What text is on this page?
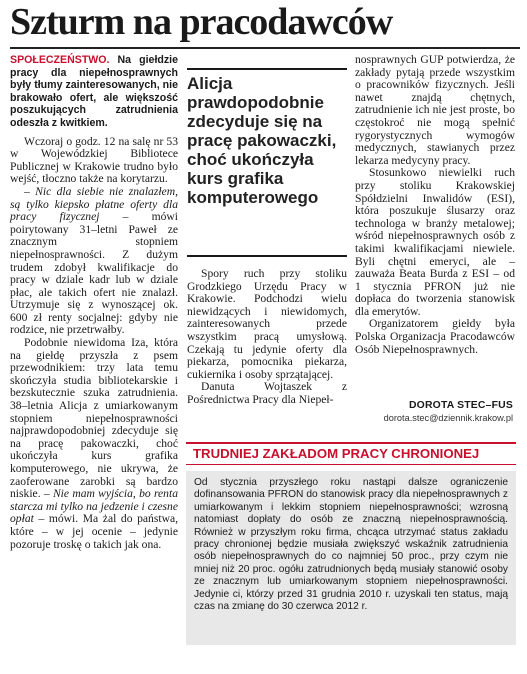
Szturm na pracodawców

SPOŁECZEŃSTWO. Na giełdzie pracy dla niepełnosprawnych były tłumy zainteresowanych, nie brakowało ofert, ale większość poszukujących zatrudnienia odeszła z kwitkiem.

Wczoraj o godz. 12 na salę nr 53 w Wojewódzkiej Bibliotece Publicznej w Krakowie trudno było wejść, tłoczno także na korytarzu.

– Nic dla siebie nie znalazłem, są tylko kiepsko płatne oferty dla pracy fizycznej – mówi poirytowany 31–letni Paweł ze znacznym stopniem niepełnosprawności. Z dużym trudem zdobył kwalifikacje do pracy w dziale kadr lub w dziale płac, ale takich ofert nie znalazł. Utrzymuje się z wynoszącej ok. 600 zł renty socjalnej: gdyby nie rodzice, nie przetrwałby.

Podobnie niewidoma Iza, która na giełdę przyszła z psem przewodnikiem: trzy lata temu skończyła studia bibliotekarskie i bezskutecznie szuka zatrudnienia. 38–letnia Alicja z umiarkowanym stopniem niepełnosprawności najprawdopodobniej zdecyduje się na pracę pakowaczki, choć ukończyła kurs grafika komputerowego, nie ukrywa, że zaoferowane zarobki są bardzo niskie. – Nie mam wyjścia, bo renta starcza mi tylko na jedzenie i czesne opłat – mówi. Ma żal do państwa, które – w jej ocenie – jedynie pozoruje troskę o takich jak ona.

Alicja prawdopodobnie zdecyduje się na pracę pakowaczki, choć ukończyła kurs grafika komputerowego

Spory ruch przy stoliku Grodzkiego Urzędu Pracy w Krakowie. Podchodzi wielu niewidzących i niewidomych, zainteresowanych przede wszystkim pracą umysłową. Czekają tu jedynie oferty dla piekarza, pomocnika piekarza, cukiernika i osoby sprzątającej.

Danuta Wojtaszek z Pośrednictwa Pracy dla Niepeł-

nosprawnych GUP potwierdza, że zakłady pytają przede wszystkim o pracowników fizycznych. Jeśli nawet znajdą chętnych, zatrudnienie ich nie jest proste, bo częstokroć nie mogą spełnić rygorystycznych wymogów medycznych, stawianych przez lekarza medycyny pracy.

Stosunkowo niewielki ruch przy stoliku Krakowskiej Spółdzielni Inwalidów (ESI), która poszukuje ślusarzy oraz technologa w branży metalowej; wśród niepełnosprawnych osób z takimi kwalifikacjami niewiele. Byli chętni emeryci, ale – zauważa Beata Burda z ESI – od 1 stycznia PFRON już nie dopłaca do tworzenia stanowisk dla emerytów.

Organizatorem giełdy była Polska Organizacja Pracodawców Osób Niepełnosprawnych.

DOROTA STEC–FUS
dorota.stec@dziennik.krakow.pl
TRUDNIEJ ZAKŁADOM PRACY CHRONIONEJ
Od stycznia przyszłego roku nastąpi dalsze ograniczenie dofinansowania PFRON do stanowisk pracy dla niepełnosprawnych z umiarkowanym i lekkim stopniem niepełnosprawności; wzrosną natomiast dopłaty do osób ze znaczną niepełnosprawnością. Również w przyszłym roku firma, chcąca utrzymać status zakładu pracy chronionej będzie musiała zwiększyć wskaźnik zatrudnienia osób niepełnosprawnych do co najmniej 50 proc., przy czym nie mniej niż 20 proc. ogółu zatrudnionych będą musiały stanowić osoby ze znacznym lub umiarkowanym stopniem niepełnosprawności. Jedynie ci, którzy przed 31 grudnia 2010 r. uzyskali ten status, mają czas na zmianę do 30 czerwca 2012 r.
